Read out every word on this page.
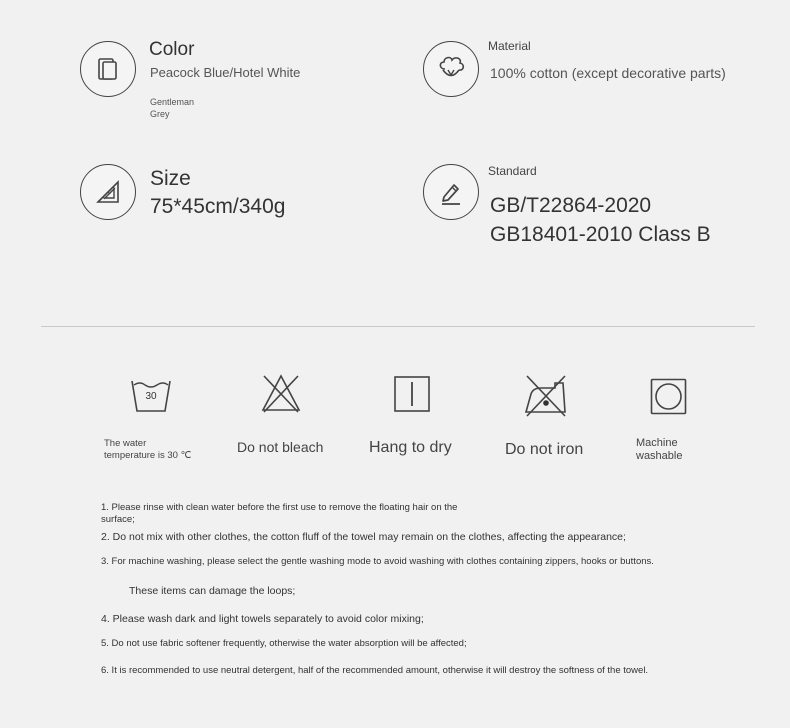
Color
Peacock Blue/Hotel White
Gentleman
Grey
Material
100% cotton (except decorative parts)
Size
75*45cm/340g
Standard
GB/T22864-2020
GB18401-2010 Class B
30
The water
temperature is 30 ℃
Do not bleach	Hang to dry	Do not iron	Machine
washable
1. Please rinse with clean water before the first use to remove the floating hair on the surface;
2. Do not mix with other clothes, the cotton fluff of the towel may remain on the clothes, affecting the appearance;
3. For machine washing, please select the gentle washing mode to avoid washing with clothes containing zippers, hooks or buttons.
These items can damage the loops;
4. Please wash dark and light towels separately to avoid color mixing;
5. Do not use fabric softener frequently, otherwise the water absorption will be affected;
6. It is recommended to use neutral detergent, half of the recommended amount, otherwise it will destroy the softness of the towel.
